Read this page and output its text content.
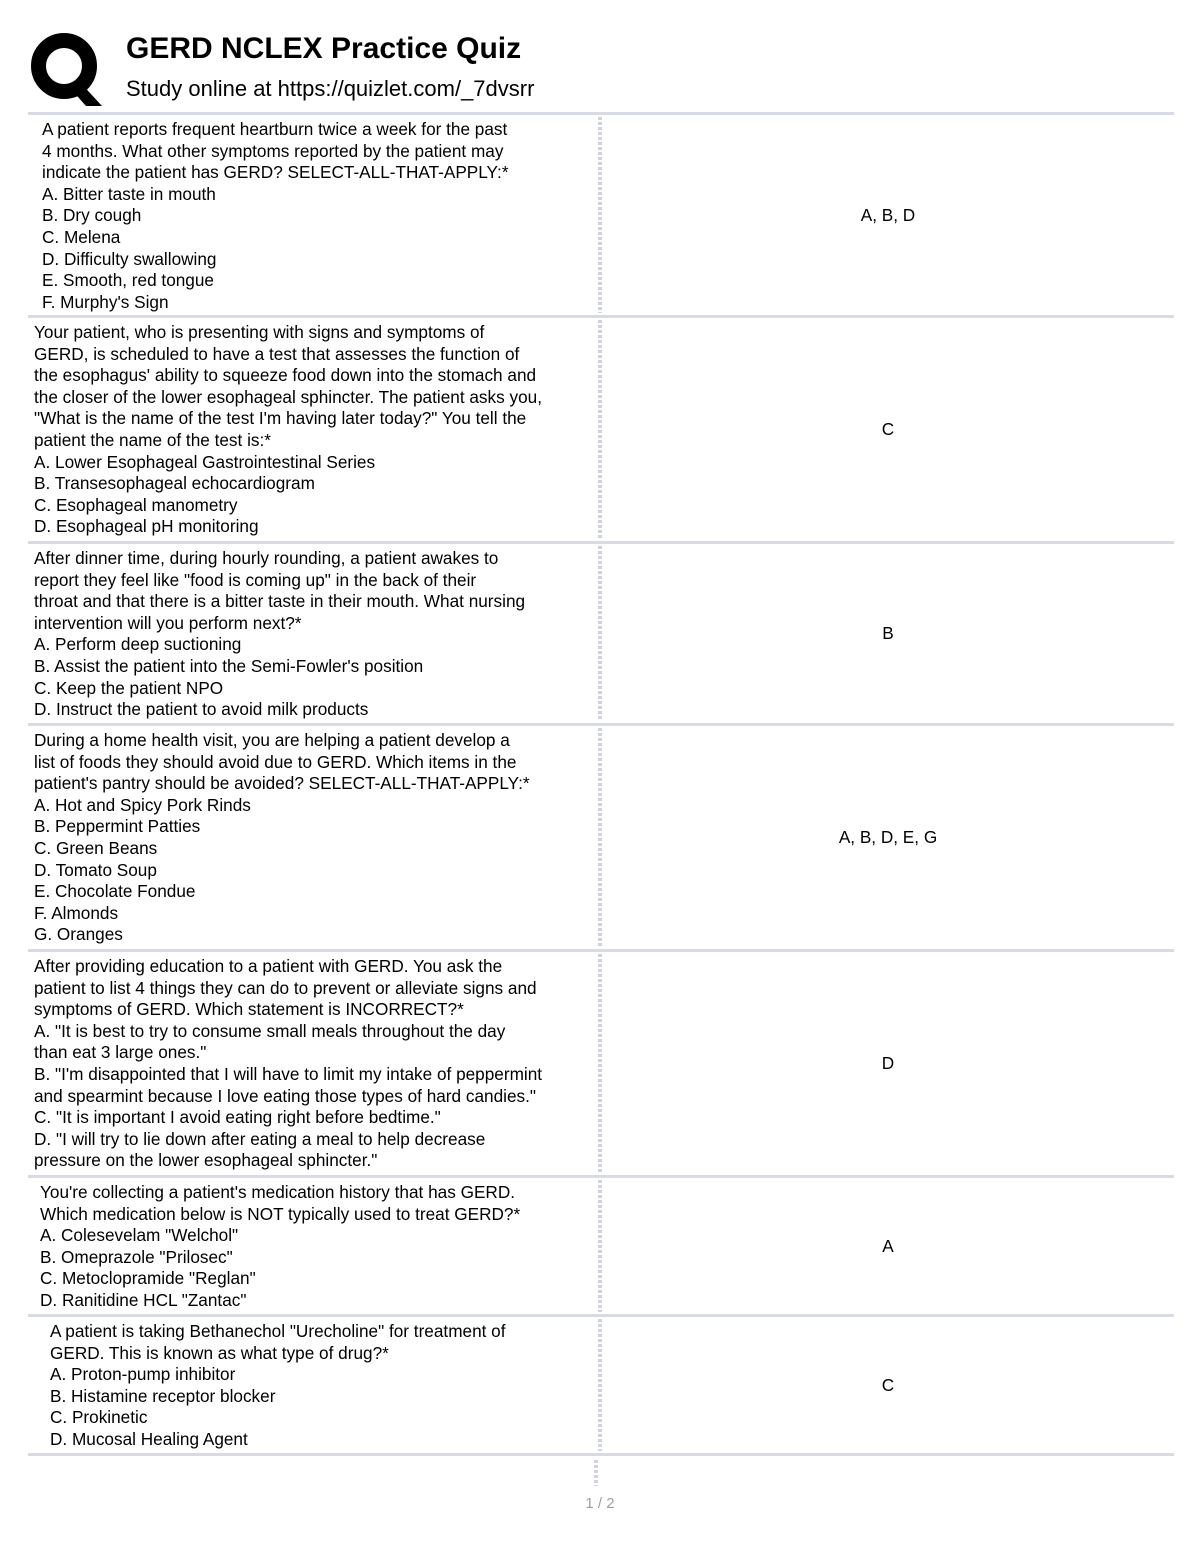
GERD NCLEX Practice Quiz
Study online at https://quizlet.com/_7dvsrr
A patient reports frequent heartburn twice a week for the past
4 months. What other symptoms reported by the patient may
indicate the patient has GERD? SELECT-ALL-THAT-APPLY:*
A. Bitter taste in mouth
B. Dry cough
C. Melena
D. Difficulty swallowing
E. Smooth, red tongue
F. Murphy's Sign
A, B, D
Your patient, who is presenting with signs and symptoms of
GERD, is scheduled to have a test that assesses the function of
the esophagus' ability to squeeze food down into the stomach and
the closer of the lower esophageal sphincter. The patient asks you,
"What is the name of the test I'm having later today?" You tell the
patient the name of the test is:*
A. Lower Esophageal Gastrointestinal Series
B. Transesophageal echocardiogram
C. Esophageal manometry
D. Esophageal pH monitoring
C
After dinner time, during hourly rounding, a patient awakes to
report they feel like "food is coming up" in the back of their
throat and that there is a bitter taste in their mouth. What nursing
intervention will you perform next?*
A. Perform deep suctioning
B. Assist the patient into the Semi-Fowler's position
C. Keep the patient NPO
D. Instruct the patient to avoid milk products
B
During a home health visit, you are helping a patient develop a
list of foods they should avoid due to GERD. Which items in the
patient's pantry should be avoided? SELECT-ALL-THAT-APPLY:*
A. Hot and Spicy Pork Rinds
B. Peppermint Patties
C. Green Beans
D. Tomato Soup
E. Chocolate Fondue
F. Almonds
G. Oranges
A, B, D, E, G
After providing education to a patient with GERD. You ask the
patient to list 4 things they can do to prevent or alleviate signs and
symptoms of GERD. Which statement is INCORRECT?*
A. "It is best to try to consume small meals throughout the day
than eat 3 large ones."
B. "I'm disappointed that I will have to limit my intake of peppermint
and spearmint because I love eating those types of hard candies."
C. "It is important I avoid eating right before bedtime."
D. "I will try to lie down after eating a meal to help decrease
pressure on the lower esophageal sphincter."
D
You're collecting a patient's medication history that has GERD.
Which medication below is NOT typically used to treat GERD?*
A. Colesevelam "Welchol"
B. Omeprazole "Prilosec"
C. Metoclopramide "Reglan"
D. Ranitidine HCL "Zantac"
A
A patient is taking Bethanechol "Urecholine" for treatment of
GERD. This is known as what type of drug?*
A. Proton-pump inhibitor
B. Histamine receptor blocker
C. Prokinetic
D. Mucosal Healing Agent
C
1 / 2
